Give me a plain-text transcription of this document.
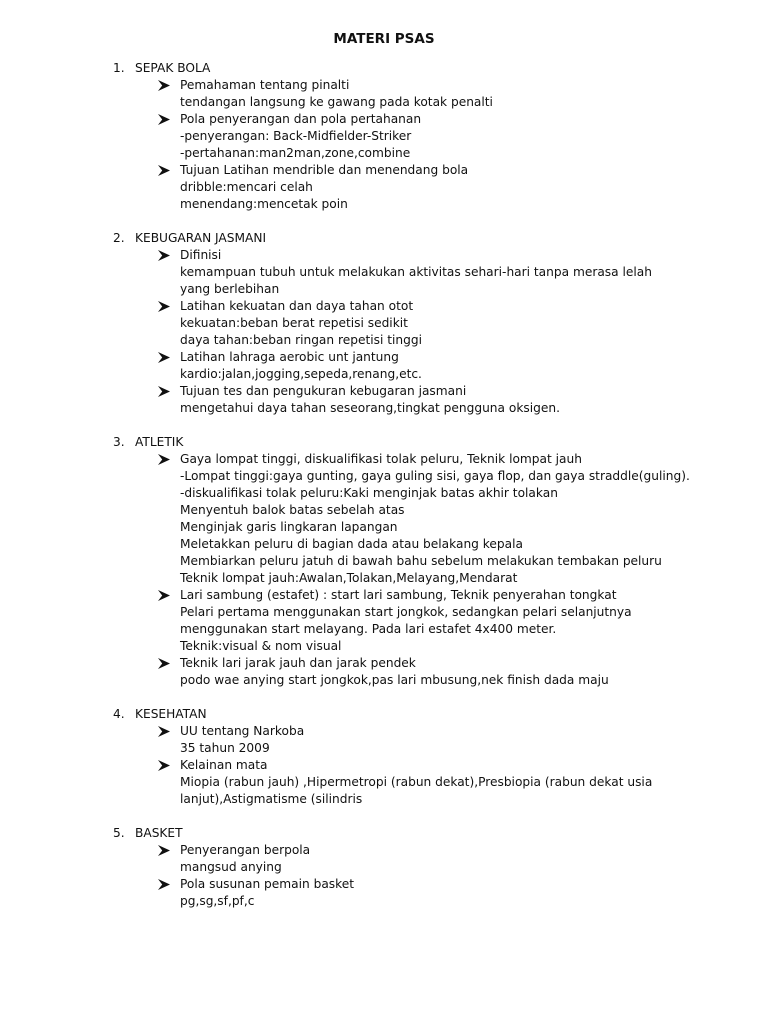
MATERI PSAS
1. SEPAK BOLA
Pemahaman tentang pinalti
tendangan langsung ke gawang pada kotak penalti
Pola penyerangan dan pola pertahanan
-penyerangan: Back-Midfielder-Striker
-pertahanan:man2man,zone,combine
Tujuan Latihan mendrible dan menendang bola
dribble:mencari celah
menendang:mencetak poin
2. KEBUGARAN JASMANI
Difinisi
kemampuan tubuh untuk melakukan aktivitas sehari-hari tanpa merasa lelah
yang berlebihan
Latihan kekuatan dan daya tahan otot
kekuatan:beban berat repetisi sedikit
daya tahan:beban ringan repetisi tinggi
Latihan lahraga aerobic unt jantung
kardio:jalan,jogging,sepeda,renang,etc.
Tujuan tes dan pengukuran kebugaran jasmani
mengetahui daya tahan seseorang,tingkat pengguna oksigen.
3. ATLETIK
Gaya lompat tinggi, diskualifikasi tolak peluru, Teknik lompat jauh
-Lompat tinggi:gaya gunting, gaya guling sisi, gaya flop, dan gaya straddle(guling).
-diskualifikasi tolak peluru:Kaki menginjak batas akhir tolakan
Menyentuh balok batas sebelah atas
Menginjak garis lingkaran lapangan
Meletakkan peluru di bagian dada atau belakang kepala
Membiarkan peluru jatuh di bawah bahu sebelum melakukan tembakan peluru
Teknik lompat jauh:Awalan,Tolakan,Melayang,Mendarat
Lari sambung (estafet) : start lari sambung, Teknik penyerahan tongkat
Pelari pertama menggunakan start jongkok, sedangkan pelari selanjutnya
menggunakan start melayang. Pada lari estafet 4x400 meter.
Teknik:visual & nom visual
Teknik lari jarak jauh dan jarak pendek
podo wae anying start jongkok,pas lari mbusung,nek finish dada maju
4. KESEHATAN
UU tentang Narkoba
35 tahun 2009
Kelainan mata
Miopia (rabun jauh) ,Hipermetropi (rabun dekat),Presbiopia (rabun dekat usia
lanjut),Astigmatisme (silindris
5. BASKET
Penyerangan berpola
mangsud anying
Pola susunan pemain basket
pg,sg,sf,pf,c
